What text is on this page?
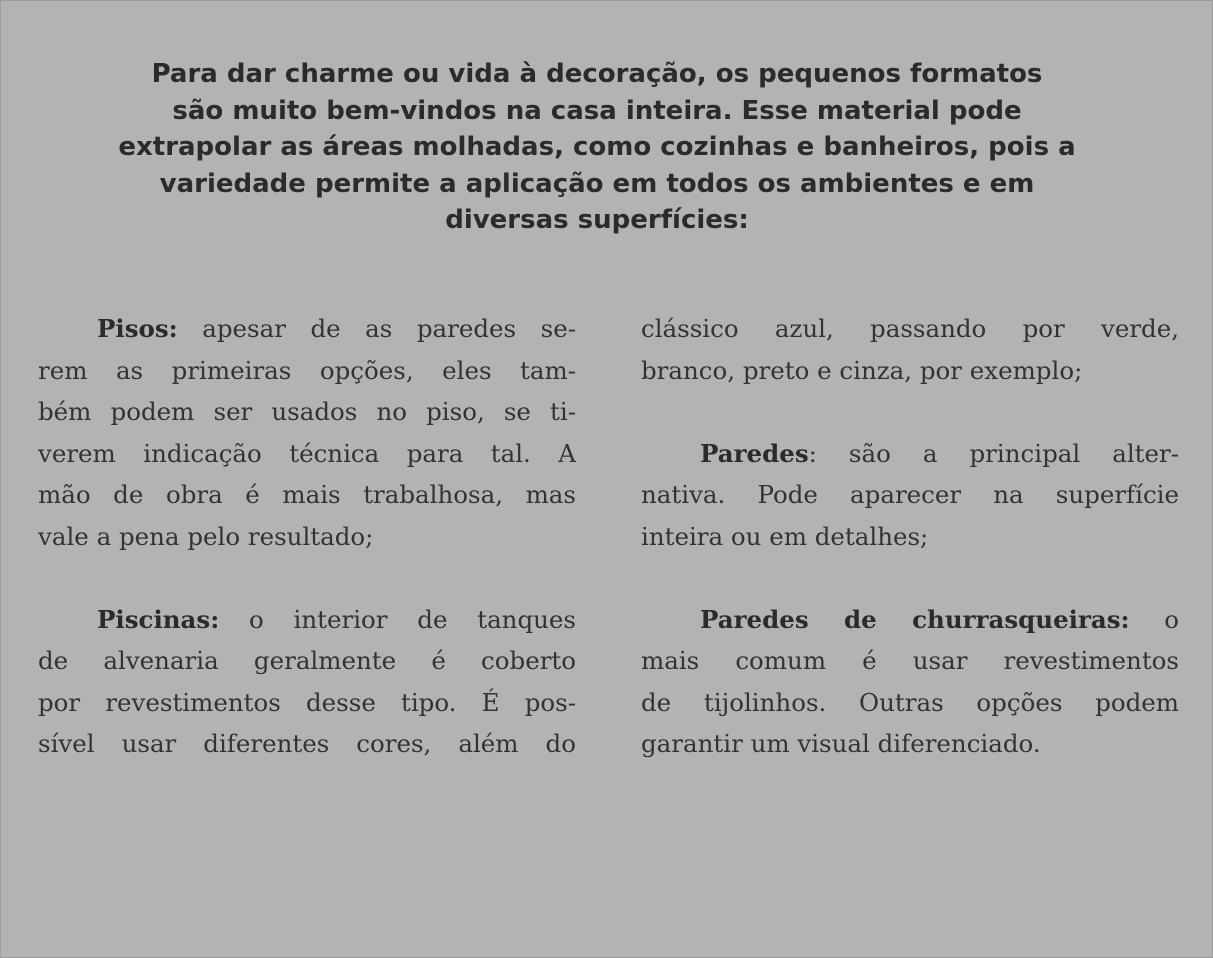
Para dar charme ou vida à decoração, os pequenos formatos
são muito bem-vindos na casa inteira. Esse material pode
extrapolar as áreas molhadas, como cozinhas e banheiros, pois a
variedade permite a aplicação em todos os ambientes e em
diversas superfícies:

Pisos: apesar de as paredes se-
rem as primeiras opções, eles tam-
bém podem ser usados no piso, se ti-
verem indicação técnica para tal. A
mão de obra é mais trabalhosa, mas
vale a pena pelo resultado;
Piscinas: o interior de tanques
de alvenaria geralmente é coberto
por revestimentos desse tipo. É pos-
sível usar diferentes cores, além do
clássico azul, passando por verde,
branco, preto e cinza, por exemplo;
Paredes: são a principal alter-
nativa. Pode aparecer na superfície
inteira ou em detalhes;
Paredes de churrasqueiras: o
mais comum é usar revestimentos
de tijolinhos. Outras opções podem
garantir um visual diferenciado.
